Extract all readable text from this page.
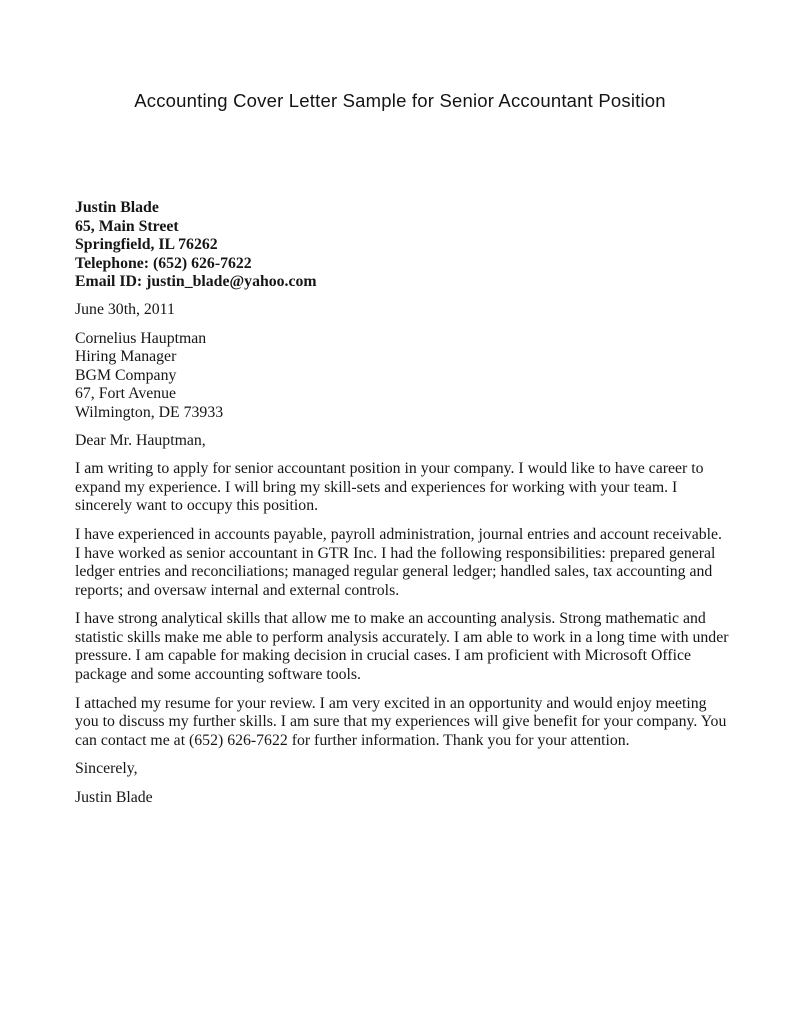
Accounting Cover Letter Sample for Senior Accountant Position
Justin Blade
65, Main Street
Springfield, IL 76262
Telephone: (652) 626-7622
Email ID: justin_blade@yahoo.com

June 30th, 2011

Cornelius Hauptman
Hiring Manager
BGM Company
67, Fort Avenue
Wilmington, DE 73933

Dear Mr. Hauptman,

I am writing to apply for senior accountant position in your company. I would like to have career to expand my experience. I will bring my skill-sets and experiences for working with your team. I sincerely want to occupy this position.

I have experienced in accounts payable, payroll administration, journal entries and account receivable. I have worked as senior accountant in GTR Inc. I had the following responsibilities: prepared general ledger entries and reconciliations; managed regular general ledger; handled sales, tax accounting and reports; and oversaw internal and external controls.

I have strong analytical skills that allow me to make an accounting analysis. Strong mathematic and statistic skills make me able to perform analysis accurately. I am able to work in a long time with under pressure. I am capable for making decision in crucial cases. I am proficient with Microsoft Office package and some accounting software tools.

I attached my resume for your review. I am very excited in an opportunity and would enjoy meeting you to discuss my further skills. I am sure that my experiences will give benefit for your company. You can contact me at (652) 626-7622 for further information. Thank you for your attention.

Sincerely,

Justin Blade
